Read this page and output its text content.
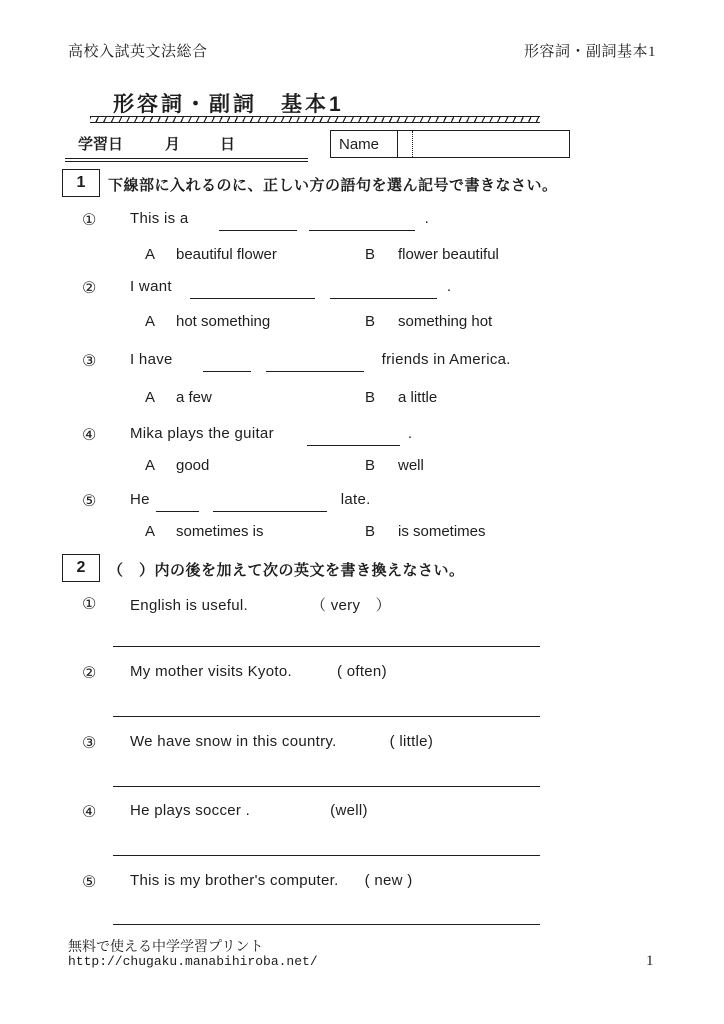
高校入試英文法総合	形容詞・副詞基本1
形容詞・副詞　基本1
学習日	月	日	Name
1 下線部に入れるのに、正しい方の語句を選ん記号で書きなさい。
① This is a	.
A	beautiful flower	B	flower beautiful
② I want	.
A	hot something	B	something hot
③ I have	friends in America.
A	a few	B	a little
④ Mika plays the guitar	.
A	good	B	well
⑤ He	late.
A	sometimes is	B	is sometimes
2 （　）内の後を加えて次の英文を書き換えなさい。
① English is useful.	（ very　）
② My mother visits Kyoto.	( often)
③ We have snow in this country.	( little)
④ He plays soccer .	(well)
⑤ This is my brother's computer. ( new )
無料で使える中学学習プリント
http://chugaku.manabihiroba.net/	1
